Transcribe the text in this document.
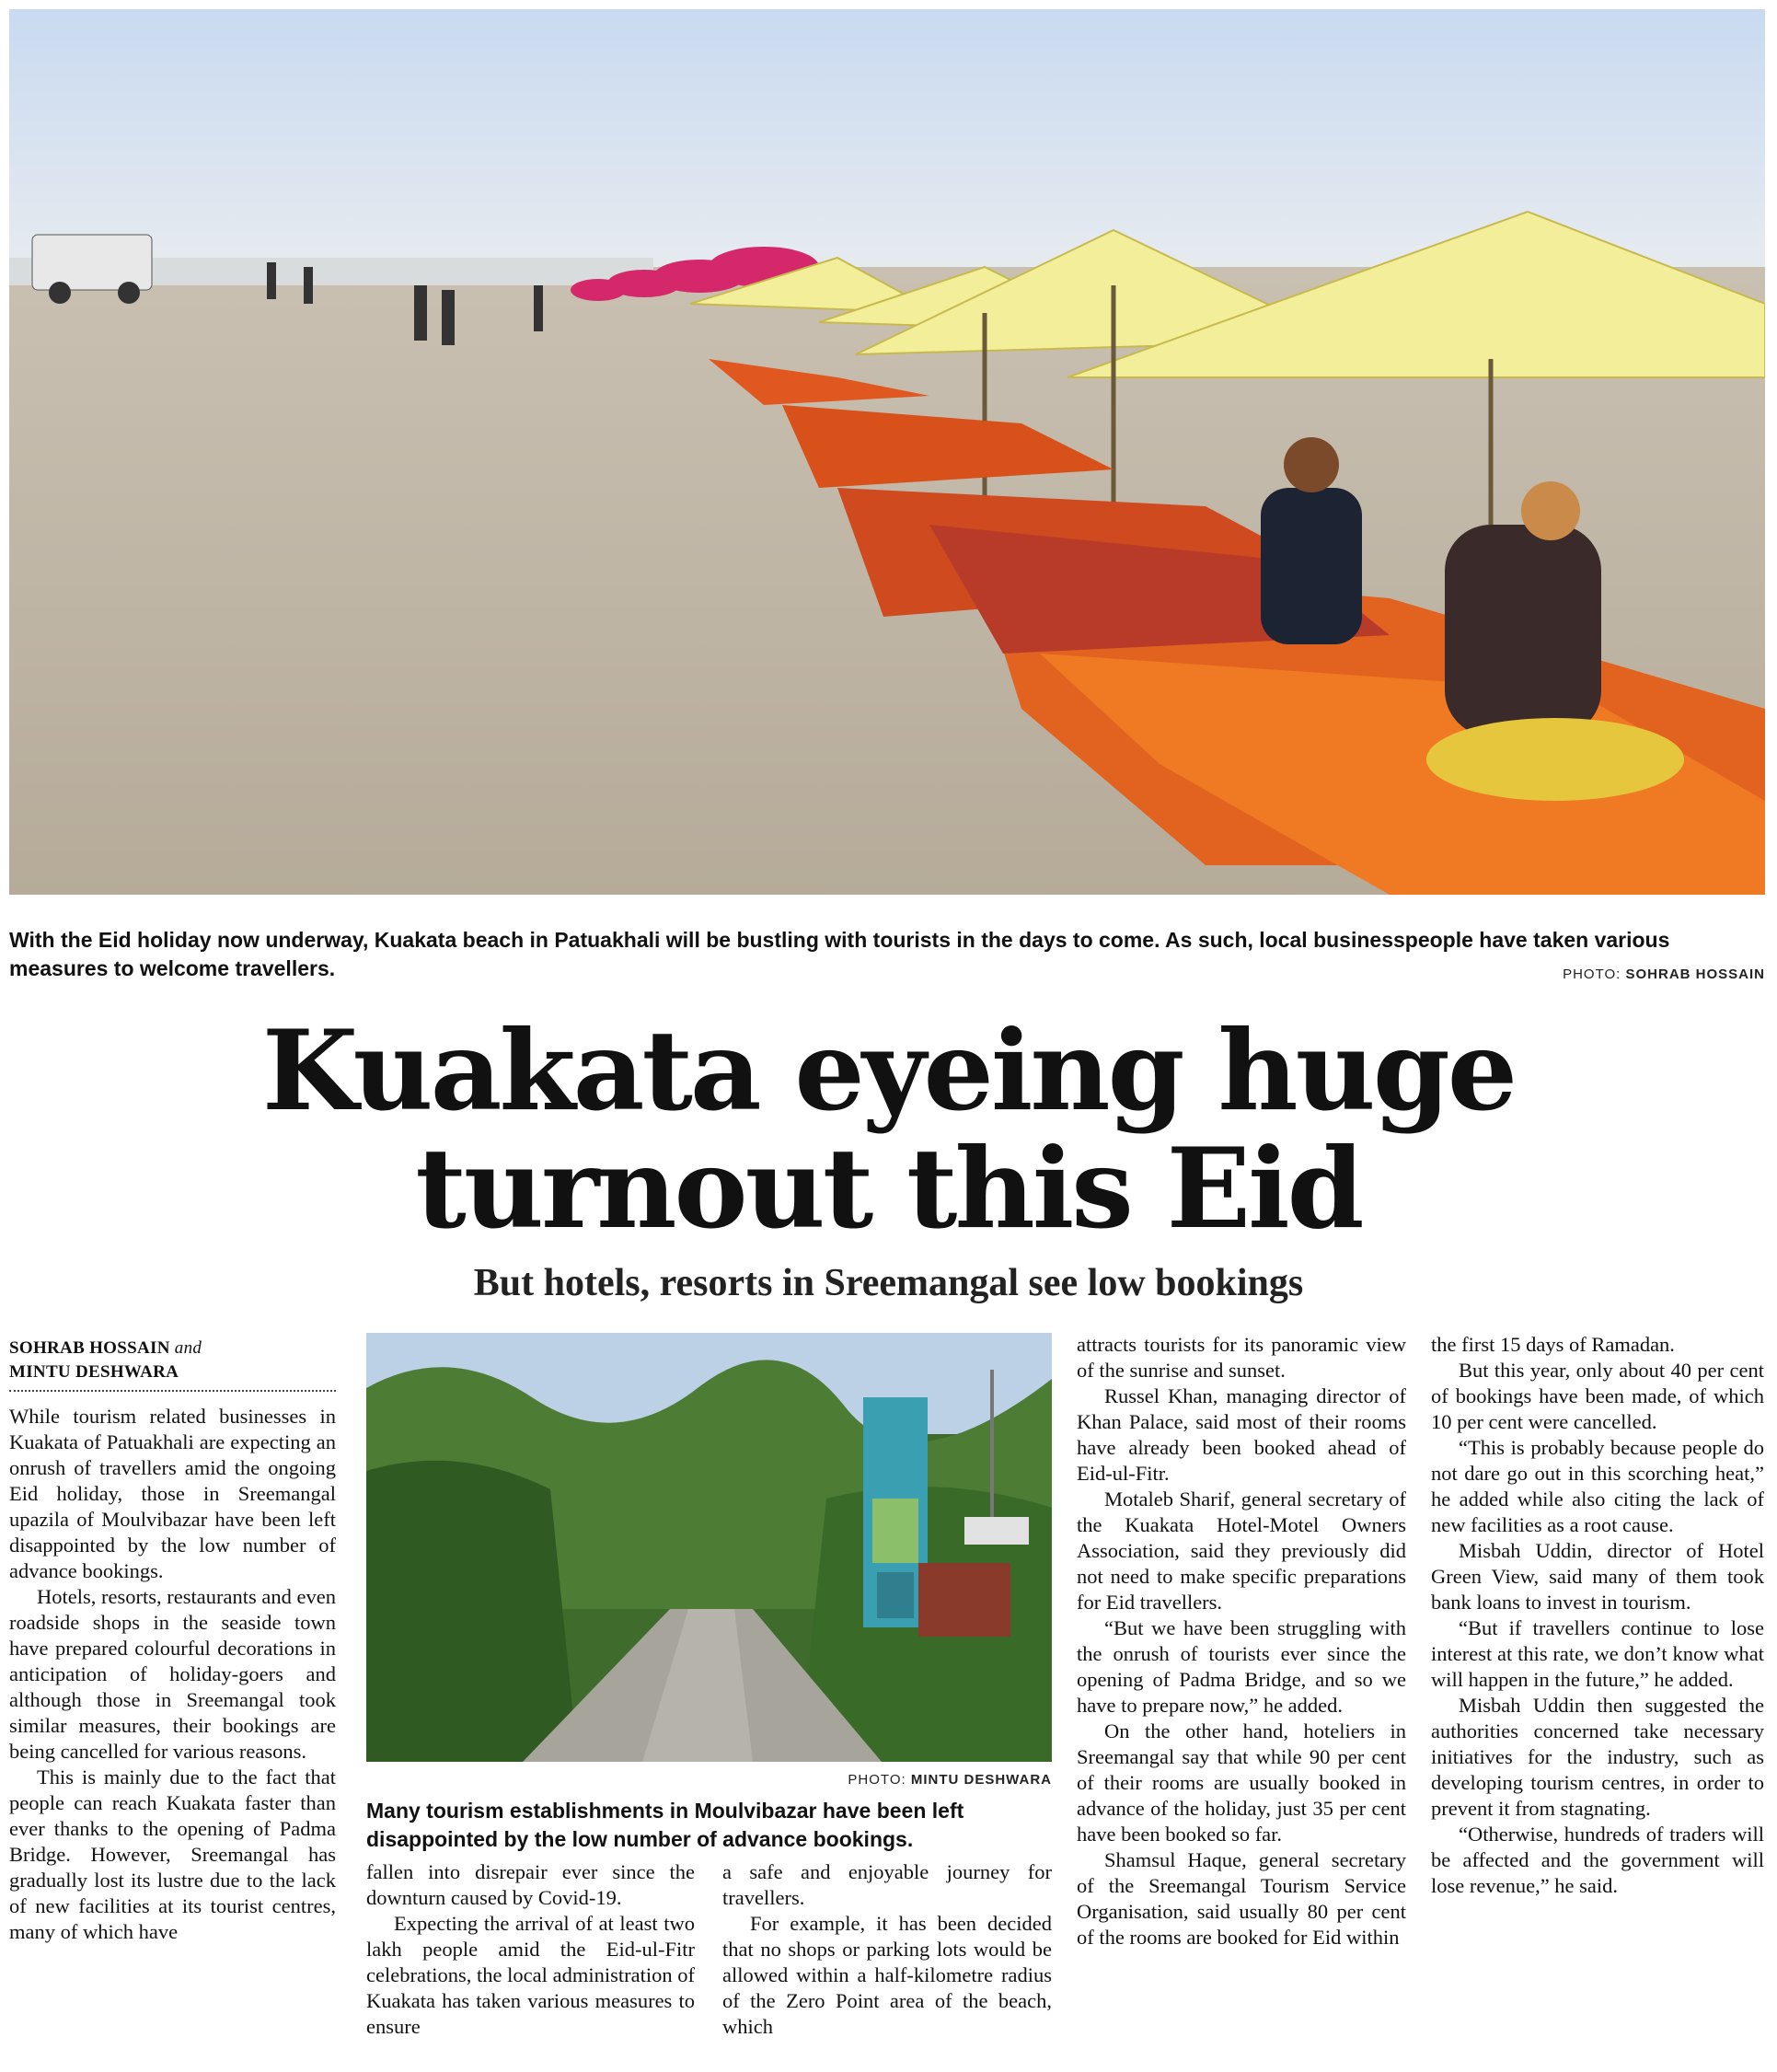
With the Eid holiday now underway, Kuakata beach in Patuakhali will be bustling with tourists in the days to come. As such, local businesspeople have taken various measures to welcome travellers.	PHOTO: SOHRAB HOSSAIN
Kuakata eyeing huge
turnout this Eid
But hotels, resorts in Sreemangal see low bookings
SOHRAB HOSSAIN and
MINTU DESHWARA

While tourism related businesses in Kuakata of Patuakhali are expecting an onrush of travellers amid the ongoing Eid holiday, those in Sreemangal upazila of Moulvibazar have been left disappointed by the low number of advance bookings.

Hotels, resorts, restaurants and even roadside shops in the seaside town have prepared colourful decorations in anticipation of holiday-goers and although those in Sreemangal took similar measures, their bookings are being cancelled for various reasons.

This is mainly due to the fact that people can reach Kuakata faster than ever thanks to the opening of Padma Bridge. However, Sreemangal has gradually lost its lustre due to the lack of new facilities at its tourist centres, many of which have

PHOTO: MINTU DESHWARA

Many tourism establishments in Moulvibazar have been left disappointed by the low number of advance bookings.

fallen into disrepair ever since the downturn caused by Covid-19.

Expecting the arrival of at least two lakh people amid the Eid-ul-Fitr celebrations, the local administration of Kuakata has taken various measures to ensure

a safe and enjoyable journey for travellers.

For example, it has been decided that no shops or parking lots would be allowed within a half-kilometre radius of the Zero Point area of the beach, which

attracts tourists for its panoramic view of the sunrise and sunset.

Russel Khan, managing director of Khan Palace, said most of their rooms have already been booked ahead of Eid-ul-Fitr.

Motaleb Sharif, general secretary of the Kuakata Hotel-Motel Owners Association, said they previously did not need to make specific preparations for Eid travellers.

“But we have been struggling with the onrush of tourists ever since the opening of Padma Bridge, and so we have to prepare now,” he added.

On the other hand, hoteliers in Sreemangal say that while 90 per cent of their rooms are usually booked in advance of the holiday, just 35 per cent have been booked so far.

Shamsul Haque, general secretary of the Sreemangal Tourism Service Organisation, said usually 80 per cent of the rooms are booked for Eid within

the first 15 days of Ramadan.

But this year, only about 40 per cent of bookings have been made, of which 10 per cent were cancelled.

“This is probably because people do not dare go out in this scorching heat,” he added while also citing the lack of new facilities as a root cause.

Misbah Uddin, director of Hotel Green View, said many of them took bank loans to invest in tourism.

“But if travellers continue to lose interest at this rate, we don’t know what will happen in the future,” he added.

Misbah Uddin then suggested the authorities concerned take necessary initiatives for the industry, such as developing tourism centres, in order to prevent it from stagnating.

“Otherwise, hundreds of traders will be affected and the government will lose revenue,” he said.
